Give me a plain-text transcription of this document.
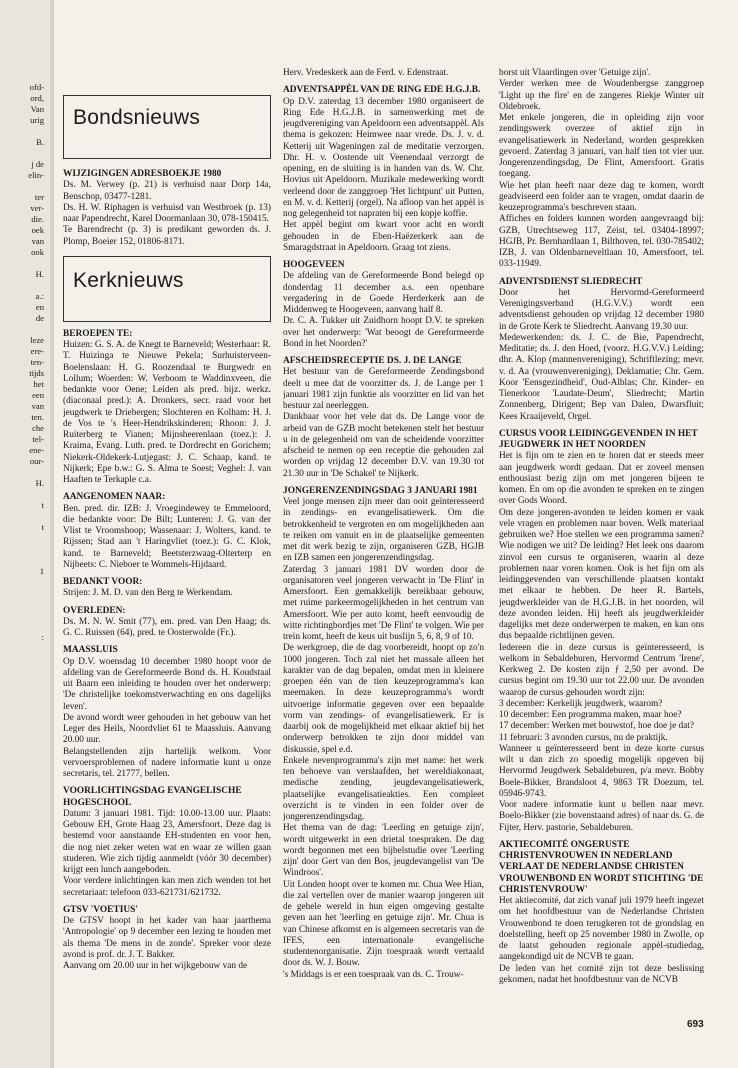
ofd-
ord,
Van
urig
B.
j de
elin-
ter
ver-
die.
oek
van
ook
H.
a.:
en
de
leze
ere-
ten-
tijds
het
een
van
ten.
che
tel-
ene-
our-
H.
t
t
1
:
Bondsnieuws
WIJZIGINGEN ADRESBOEKJE 1980

Ds. M. Verwey (p. 21) is verhuisd naar Dorp 14a, Benschop, 03477-1281.
Ds. H. W. Riphagen is verhuisd van Westbroek (p. 13) naar Papendrecht, Karel Doormanlaan 30, 078-150415.
Te Barendrecht (p. 3) is predikant geworden ds. J. Plomp, Boeier 152, 01806-8171.

Kerknieuws
BEROEPEN TE:

Huizen: G. S. A. de Knegt te Barneveld; Westerhaar: R. T. Huizinga te Nieuwe Pekela; Surhuisterveen-Boelenslaan: H. G. Roozendaal te Burgwedr en Lollum; Woerden: W. Verboom te Waddinxveen, die bedankte voor Oene; Leiden als pred. bijz. werkz. (diaconaal pred.): A. Dronkers, secr. raad voor het jeugdwerk te Driebergen; Slochteren en Kolham: H. J. de Vos te 's Heer-Hendrikskinderen; Rhoon: J. J. Ruiterberg te Vianen; Mijnsheerenlaan (toez.): J. Kraima, Evang. Luth. pred. te Dordrecht en Gorichem; Niekerk-Oldekerk-Lutjegast: J. C. Schaap, kand. te Nijkerk; Epe b.w.: G. S. Alma te Soest; Veghel: J. van Haaften te Terkaple c.a.

AANGENOMEN NAAR:

Ben. pred. dir. IZB: J. Vroegindewey te Emmeloord, die bedankte voor: De Bilt; Lunteren: J. G. van der Vlist te Vroomshoop; Wassenaar: J. Wolters, kand. te Rijssen; Stad aan 't Haringvliet (toez.): G. C. Klok, kand. te Barneveld; Beetsterzwaag-Olterterp en Nijbeets: C. Nieboer te Wommels-Hijdaard.

BEDANKT VOOR:

Strijen: J. M. D. van den Berg te Werkendam.

OVERLEDEN:

Ds. M. N. W. Smit (77), em. pred. van Den Haag; ds. G. C. Ruissen (64), pred. te Oosterwolde (Fr.).

MAASSLUIS

Op D.V. woensdag 10 december 1980 hoopt voor de afdeling van de Gereformeerde Bond ds. H. Koudstaal uit Baarn een inleiding te houden over het onderwerp: 'De christelijke toekomstverwachting en ons dagelijks leven'.
De avond wordt weer gehouden in het gebouw van het Leger des Heils, Noordvliet 61 te Maassluis. Aanvang 20.00 uur.
Belangstellenden zijn hartelijk welkom. Voor vervoersproblemen of nadere informatie kunt u onze secretaris, tel. 21777, bellen.

VOORLICHTINGSDAG EVANGELISCHE HOGESCHOOL

Datum: 3 januari 1981. Tijd: 10.00-13.00 uur. Plaats: Gebouw EH, Grote Haag 23, Amersfoort. Deze dag is bestemd voor aanstaande EH-studenten en voor hen, die nog niet zeker weten wat en waar ze willen gaan studeren. Wie zich tijdig aanmeldt (vóór 30 december) krijgt een lunch aangeboden.
Voor verdere inlichtingen kan men zich wenden tot het secretariaat: telefoon 033-621731/621732.

GTSV 'VOETIUS'

De GTSV hoopt in het kader van haar jaarthema 'Antropologie' op 9 december een lezing te houden met als thema 'De mens in de zonde'. Spreker voor deze avond is prof. dr. J. T. Bakker.
Aanvang om 20.00 uur in het wijkgebouw van de

Herv. Vredeskerk aan de Ferd. v. Edenstraat.

ADVENTSAPPÈL VAN DE RING EDE H.G.J.B.

Op D.V. zaterdag 13 december 1980 organiseert de Ring Ede H.G.J.B. in samenwerking met de jeugdvereniging van Apeldoorn een adventsappèl. Als thema is gekozen: Heimwee naar vrede. Ds. J. v. d. Ketterij uit Wageningen zal de meditatie verzorgen. Dhr. H. v. Oostende uit Veenendaal verzorgt de opening, en de sluiting is in handen van ds. W. Chr. Hovius uit Apeldoorn. Muzikale medewerking wordt verleend door de zanggroep 'Het lichtpunt' uit Putten, en M. v. d. Ketterij (orgel). Na afloop van het appèl is nog gelegenheid tot napraten bij een kopje koffie.
Het appèl begint om kwart voor acht en wordt gehouden in de Eben-Haëzerkerk aan de Smaragdstraat in Apeldoorn. Graag tot ziens.

HOOGEVEEN

De afdeling van de Gereformeerde Bond belegd op donderdag 11 december a.s. een openbare vergadering in de Goede Herderkerk aan de Middenweg te Hoogeveen, aanvang half 8.
Dr. C. A. Tukker uit Zuidhorn hoopt D.V. te spreken over het onderwerp: 'Wat beoogt de Gereformeerde Bond in het Noorden?'

AFSCHEIDSRECEPTIE DS. J. DE LANGE

Het bestuur van de Gereformeerde Zendingsbond deelt u mee dat de voorzitter ds. J. de Lange per 1 januari 1981 zijn funktie als voorzitter en lid van het bestuur zal neerleggen.
Dankbaar voor het vele dat ds. De Lange voor de arbeid van de GZB mocht betekenen stelt het bestuur u in de gelegenheid om van de scheidende voorzitter afscheid te nemen op een receptie die gehouden zal worden op vrijdag 12 december D.V. van 19.30 tot 21.30 uur in 'De Schakel' te Nijkerk.

JONGERENZENDINGSDAG 3 JANUARI 1981

Veel jonge mensen zijn meer dan ooit geïnteresseerd in zendings- en evangelisatiewerk. Om die betrokkenheid te vergroten en om mogelijkheden aan te reiken om vanuit en in de plaatselijke gemeenten met dit werk bezig te zijn, organiseren GZB, HGJB en IZB samen een jongerenzendingsdag.
Zaterdag 3 januari 1981 DV worden door de organisatoren veel jongeren verwacht in 'De Flint' in Amersfoort. Een gemakkelijk bereikbaar gebouw, met ruime parkeermogelijkheden in het centrum van Amersfoort. Wie per auto komt, heeft eenvoudig de witte richtingbordjes met 'De Flint' te volgen. Wie per trein komt, heeft de keus uit buslijn 5, 6, 8, 9 of 10.
De werkgroep, die de dag voorbereidt, hoopt op zo'n 1000 jongeren. Toch zal niet het massale alleen het karakter van de dag bepalen, omdat men in kleinere groepen één van de tien keuzeprogramma's kan meemaken. In deze keuzeprogramma's wordt uitvoerige informatie gegeven over een bepaalde vorm van zendings- of evangelisatiewerk. Er is daarbij ook de mogelijkheid met elkaar aktief bij het onderwerp betrokken te zijn door middel van diskussie, spel e.d.
Enkele nevenprogramma's zijn met name: het werk ten behoeve van verslaafden, het wereldiakonaat, medische zending, jeugdevangelisatiewerk, plaatselijke evangelisatieakties. Een compleet overzicht is te vinden in een folder over de jongerenzendingsdag.
Het thema van de dag: 'Leerling en getuige zijn', wordt uitgewerkt in een drietal toespraken. De dag wordt begonnen met een bijbelstudie over 'Leerling zijn' door Gert van den Bos, jeugdevangelist van 'De Windroos'.
Uit Londen hoopt over te komen mr. Chua Wee Hian, die zal vertellen over de manier waarop jongeren uit de gehele wereld in hun eigen omgeving gestalte geven aan het 'leerling en getuige zijn'. Mr. Chua is van Chinese afkomst en is algemeen secretaris van de IFES, een internationale evangelische studentenorganisatie. Zijn toespraak wordt vertaald door ds. W. J. Bouw.
's Middags is er een toespraak van ds. C. Trouw-

borst uit Vlaardingen over 'Getuige zijn'.
Verder werken mee de Woudenbergse zanggroep 'Light up the fire' en de zangeres Riekje Winter uit Oldebroek.
Met enkele jongeren, die in opleiding zijn voor zendingswerk overzee of aktief zijn in evangelisatiewerk in Nederland, worden gesprekken gevoerd. Zaterdag 3 januari, van half tien tot vier uur. Jongerenzendingsdag, De Flint, Amersfoort. Gratis toegang.
Wie het plan heeft naar deze dag te komen, wordt geadviseerd een folder aan te vragen, omdat daarin de keuzeprogramma's beschreven staan.
Affiches en folders kunnen worden aangevraagd bij: GZB, Utrechtseweg 117, Zeist, tel. 03404-18997; HGJB, Pr. Bernhardlaan 1, Bilthoven, tel. 030-785402; IZB, J. van Oldenbarneveltlaan 10, Amersfoort, tel. 033-11949.

ADVENTSDIENST SLIEDRECHT

Door het Hervormd-Gereformeerd Verenigingsverband (H.G.V.V.) wordt een adventsdienst gehouden op vrijdag 12 december 1980 in de Grote Kerk te Sliedrecht. Aanvang 19.30 uur.
Medewerkenden: ds. J. C. de Bie, Papendrecht, Meditatie; ds. J. den Hoed, (voorz. H.G.V.V.) Leiding; dhr. A. Klop (mannenvereniging), Schriftlezing; mevr. v. d. Aa (vrouwenvereniging), Deklamatie; Chr. Gem. Koor 'Eensgezindheid', Oud-Alblas; Chr. Kinder- en Tienerkoor 'Laudate-Deum', Sliedrecht; Martin Zonnenberg, Dirigent; Bep van Dalen, Dwarsfluit; Kees Kraaijeveld, Orgel.

CURSUS VOOR LEIDINGGEVENDEN IN HET JEUGDWERK IN HET NOORDEN

Het is fijn om te zien en te horen dat er steeds meer aan jeugdwerk wordt gedaan. Dat er zoveel mensen enthousiast bezig zijn om met jongeren bijeen te komen. En om op die avonden te spreken en te zingen over Gods Woord.
Om deze jongeren-avonden te leiden komen er vaak vele vragen en problemen naar boven. Welk materiaal gebruiken we? Hoe stellen we een programma samen? Wie nodigen we uit? De leiding? Het leek ons daarom zinvol een cursus te organiseren, waarin al deze problemen naar voren komen. Ook is het fijn om als leidinggevenden van verschillende plaatsen kontakt met elkaar te hebben. De heer R. Bartels, jeugdwerkleider van de H.G.J.B. in het noorden, wil deze avonden leiden. Hij heeft als jeugdwerkleider dagelijks met deze onderwerpen te maken, en kan ons dus bepaalde richtlijnen geven.
Iedereen die in deze cursus is geïnteresseerd, is welkom in Sebaldeburen, Hervormd Centrum 'Irene', Kerkweg 2. De kosten zijn ƒ 2,50 per avond. De cursus begint om 19.30 uur tot 22.00 uur. De avonden waarop de cursus gehouden wordt zijn:
3 december: Kerkelijk jeugdwerk, waarom?
10 december: Een programma maken, maar hoe?
17 december: Werken met bouwstof, hoe doe je dat?
11 februari: 3 avonden cursus, nu de praktijk.
Wanneer u geïnteresseerd bent in deze korte cursus wilt u dan zich zo spoedig mogelijk opgeven bij Hervormd Jeugdwerk Sebaldeburen, p/a mevr. Bobby Boele-Bikker, Brandsloot 4, 9863 TR Doezum, tel. 05946-9743.
Voor nadere informatie kunt u bellen naar mevr. Boelo-Bikker (zie bovenstaand adres) of naar ds. G. de Fijter, Herv. pastorie, Sebaldeburen.

AKTIECOMITÉ ONGERUSTE CHRISTENVROUWEN IN NEDERLAND VERLAAT DE NEDERLANDSE CHRISTEN VROUWENBOND EN WORDT STICHTING 'DE CHRISTENVROUW'

Het aktiecomité, dat zich vanaf juli 1979 heeft ingezet om het hoofdbestuur van de Nederlandse Christen Vrouwenbond te doen terugkeren tot de grondslag en doelstelling, heeft op 25 november 1980 in Zwolle, op de laatst gehouden regionale appèl-studiedag, aangekondigd uit de NCVB te gaan.
De leden van het comité zijn tot deze beslissing gekomen, nadat het hoofdbestuur van de NCVB

693
